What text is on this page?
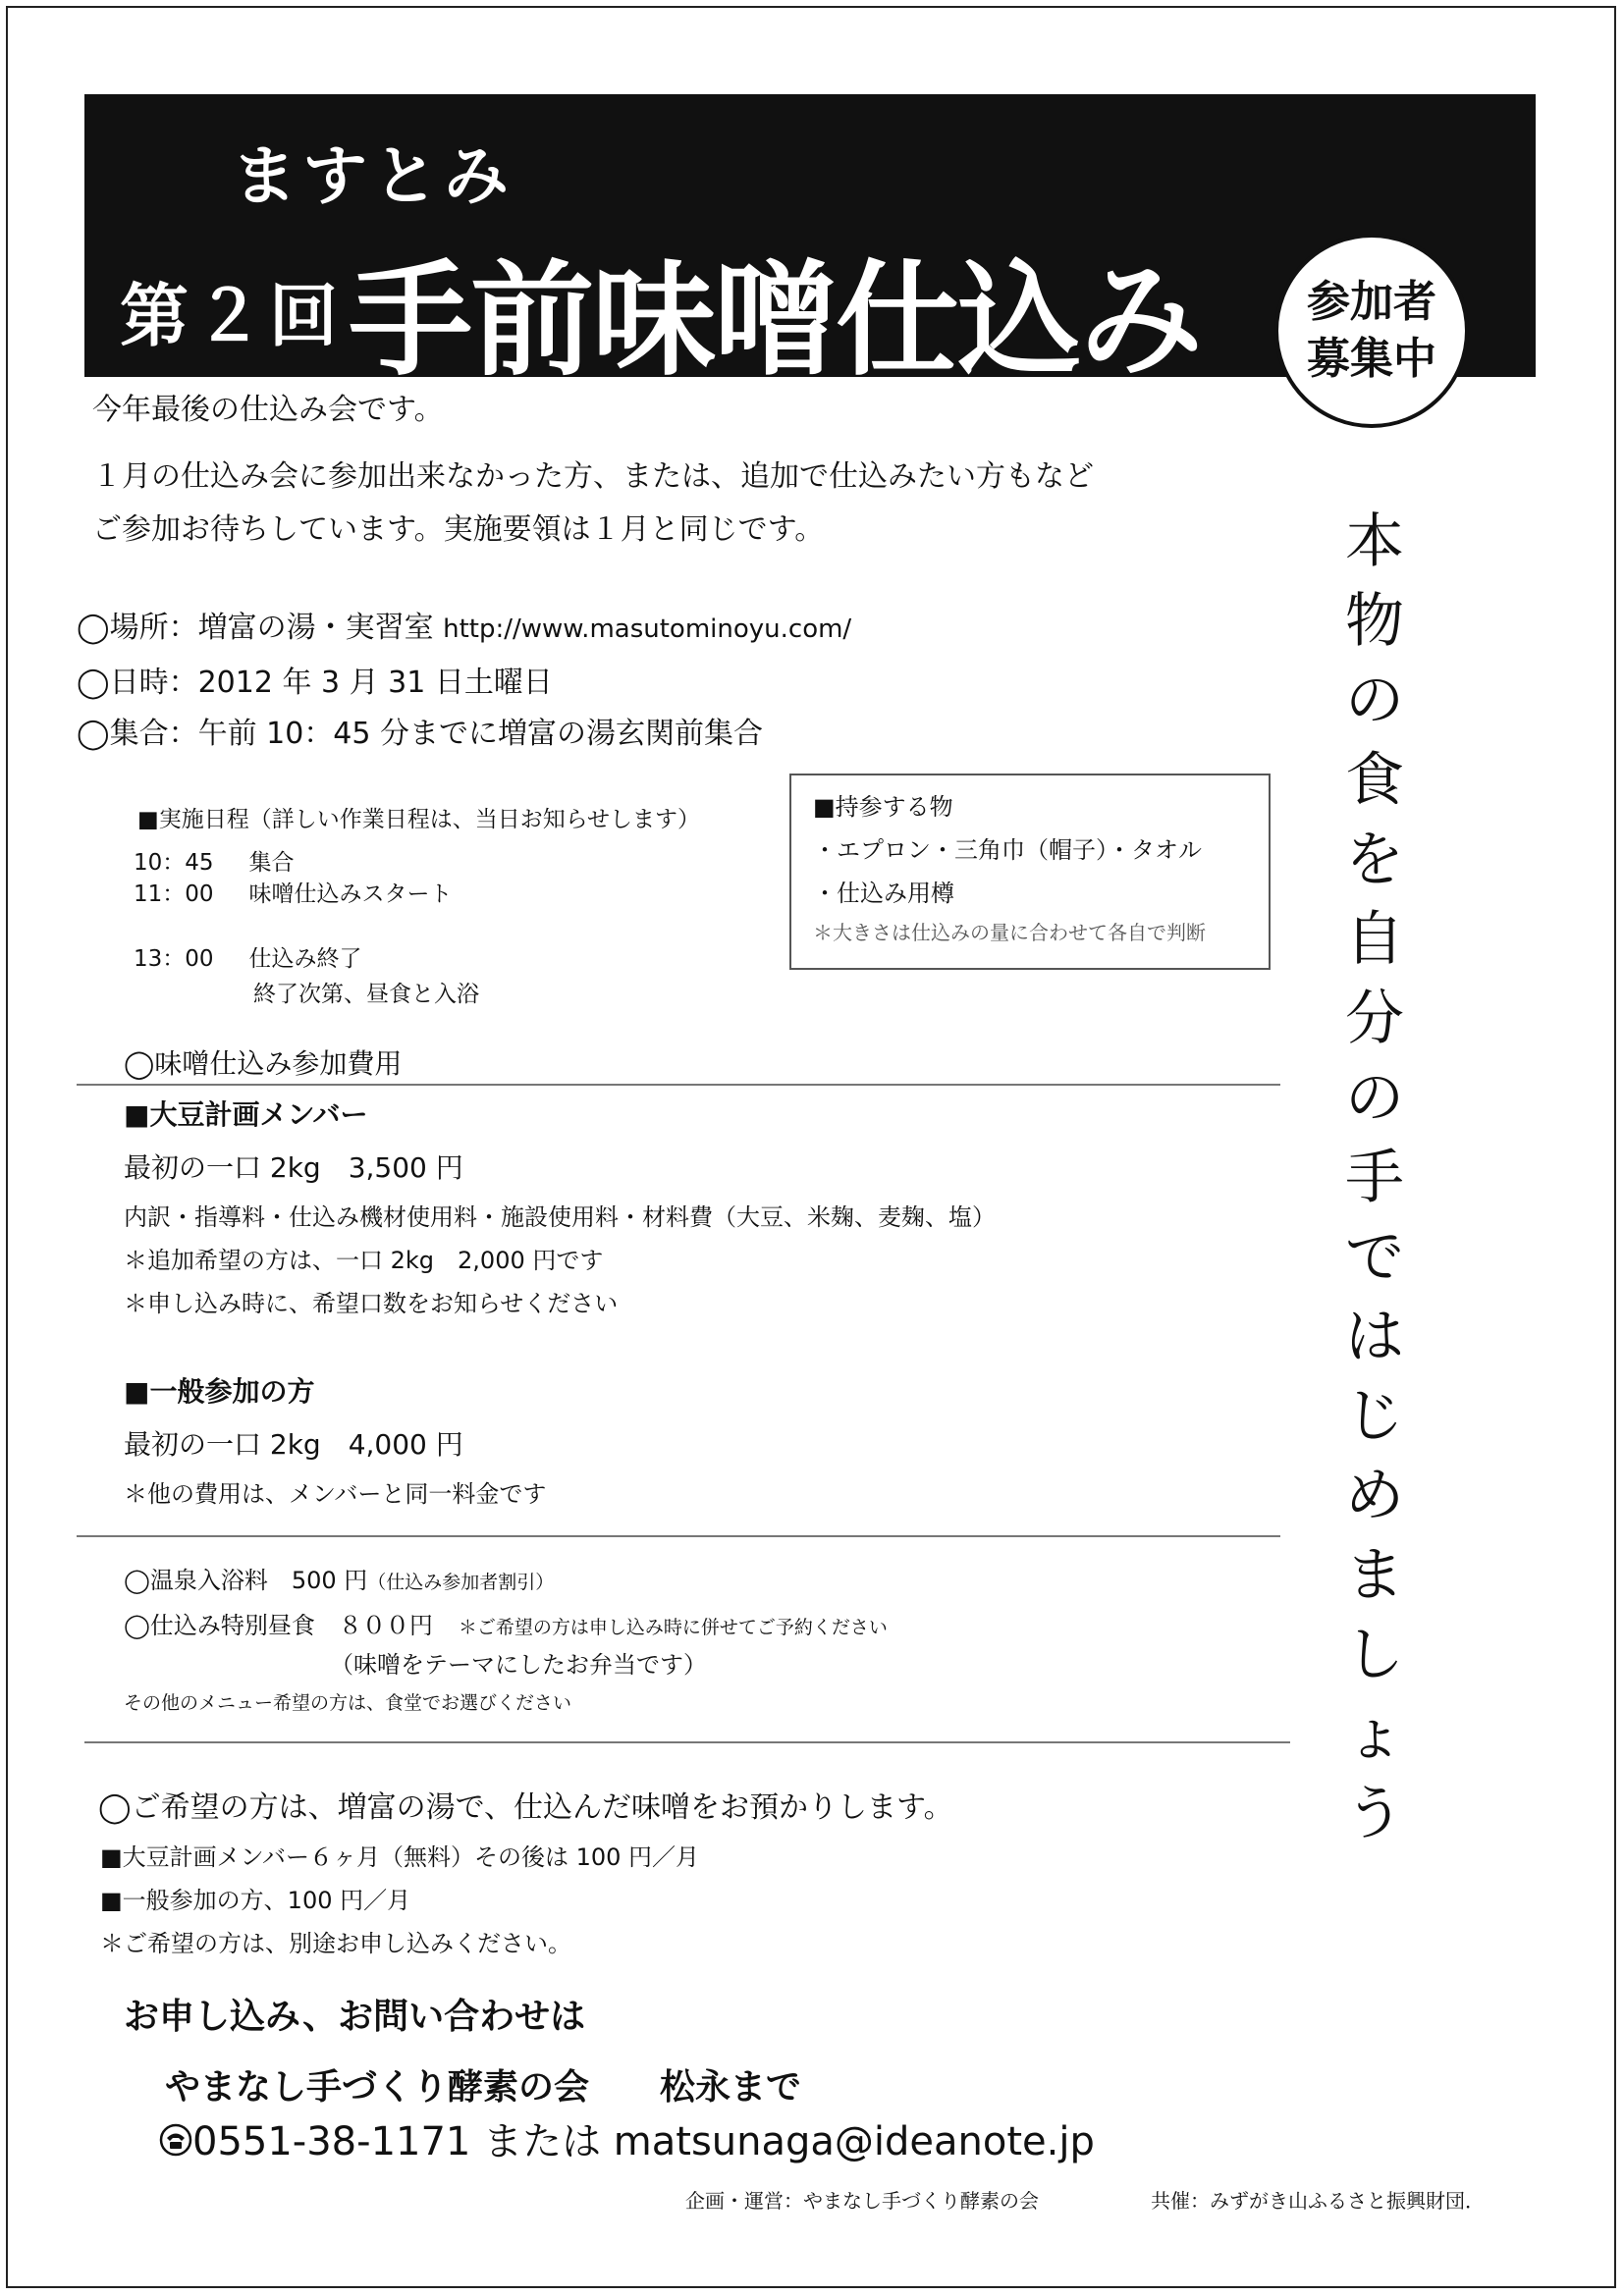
ますとみ
第２回 手前味噌仕込み 参加者
募集中
本
物
の
食
を
自
分
の
手
で
は
じ
め
ま
し
ょ
う
今年最後の仕込み会です。
１月の仕込み会に参加出来なかった方、または、追加で仕込みたい方もなど
ご参加お待ちしています。実施要領は１月と同じです。
◯場所：増富の湯・実習室 http://www.masutominoyu.com/
◯日時：2012 年 3 月 31 日土曜日
◯集合：午前 10：45 分までに増富の湯玄関前集合
■実施日程（詳しい作業日程は、当日お知らせします）
10：45 集合
11：00 味噌仕込みスタート
13：00 仕込み終了
終了次第、昼食と入浴
■持参する物
・エプロン・三角巾（帽子）・タオル
・仕込み用樽
＊大きさは仕込みの量に合わせて各自で判断
◯味噌仕込み参加費用
■大豆計画メンバー
最初の一口 2kg　3,500 円
内訳・指導料・仕込み機材使用料・施設使用料・材料費（大豆、米麹、麦麹、塩）
＊追加希望の方は、一口 2kg　2,000 円です
＊申し込み時に、希望口数をお知らせください
■一般参加の方
最初の一口 2kg　4,000 円
＊他の費用は、メンバーと同一料金です
◯温泉入浴料　500 円（仕込み参加者割引）
◯仕込み特別昼食　８００円 ＊ご希望の方は申し込み時に併せてご予約ください
（味噌をテーマにしたお弁当です）
その他のメニュー希望の方は、食堂でお選びください
◯ご希望の方は、増富の湯で、仕込んだ味噌をお預かりします。
■大豆計画メンバー６ヶ月（無料）その後は 100 円／月
■一般参加の方、100 円／月
＊ご希望の方は、別途お申し込みください。
お申し込み、お問い合わせは
やまなし手づくり酵素の会　　松永まで
0551-38-1171 または matsunaga@ideanote.jp
企画・運営：やまなし手づくり酵素の会	共催：みずがき山ふるさと振興財団．
